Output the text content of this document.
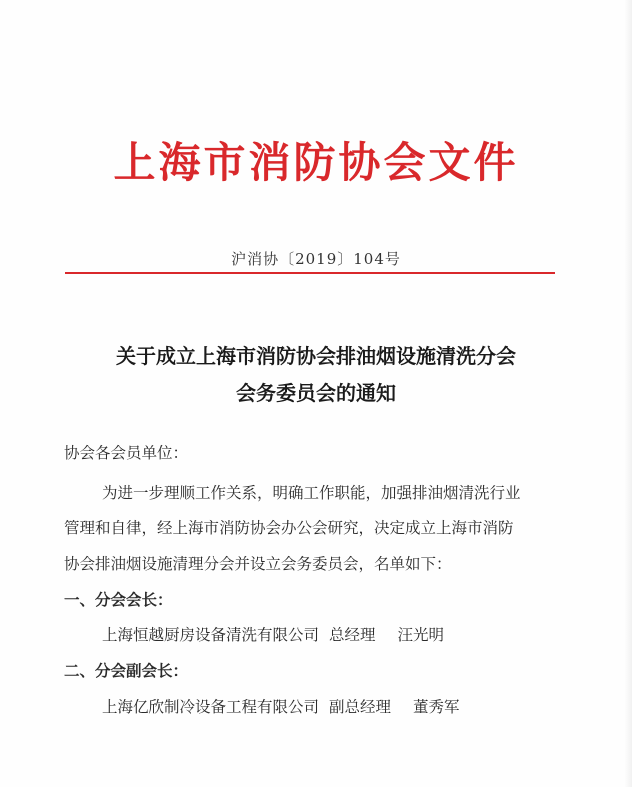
上海市消防协会文件
沪消协〔2019〕104号
关于成立上海市消防协会排油烟设施清洗分会
会务委员会的通知
协会各会员单位：
为进一步理顺工作关系，明确工作职能，加强排油烟清洗行业
管理和自律，经上海市消防协会办公会研究，决定成立上海市消防
协会排油烟设施清理分会并设立会务委员会，名单如下：
一、分会会长：
上海恒越厨房设备清洗有限公司 总经理 汪光明
二、分会副会长：
上海亿欣制冷设备工程有限公司 副总经理 董秀军
